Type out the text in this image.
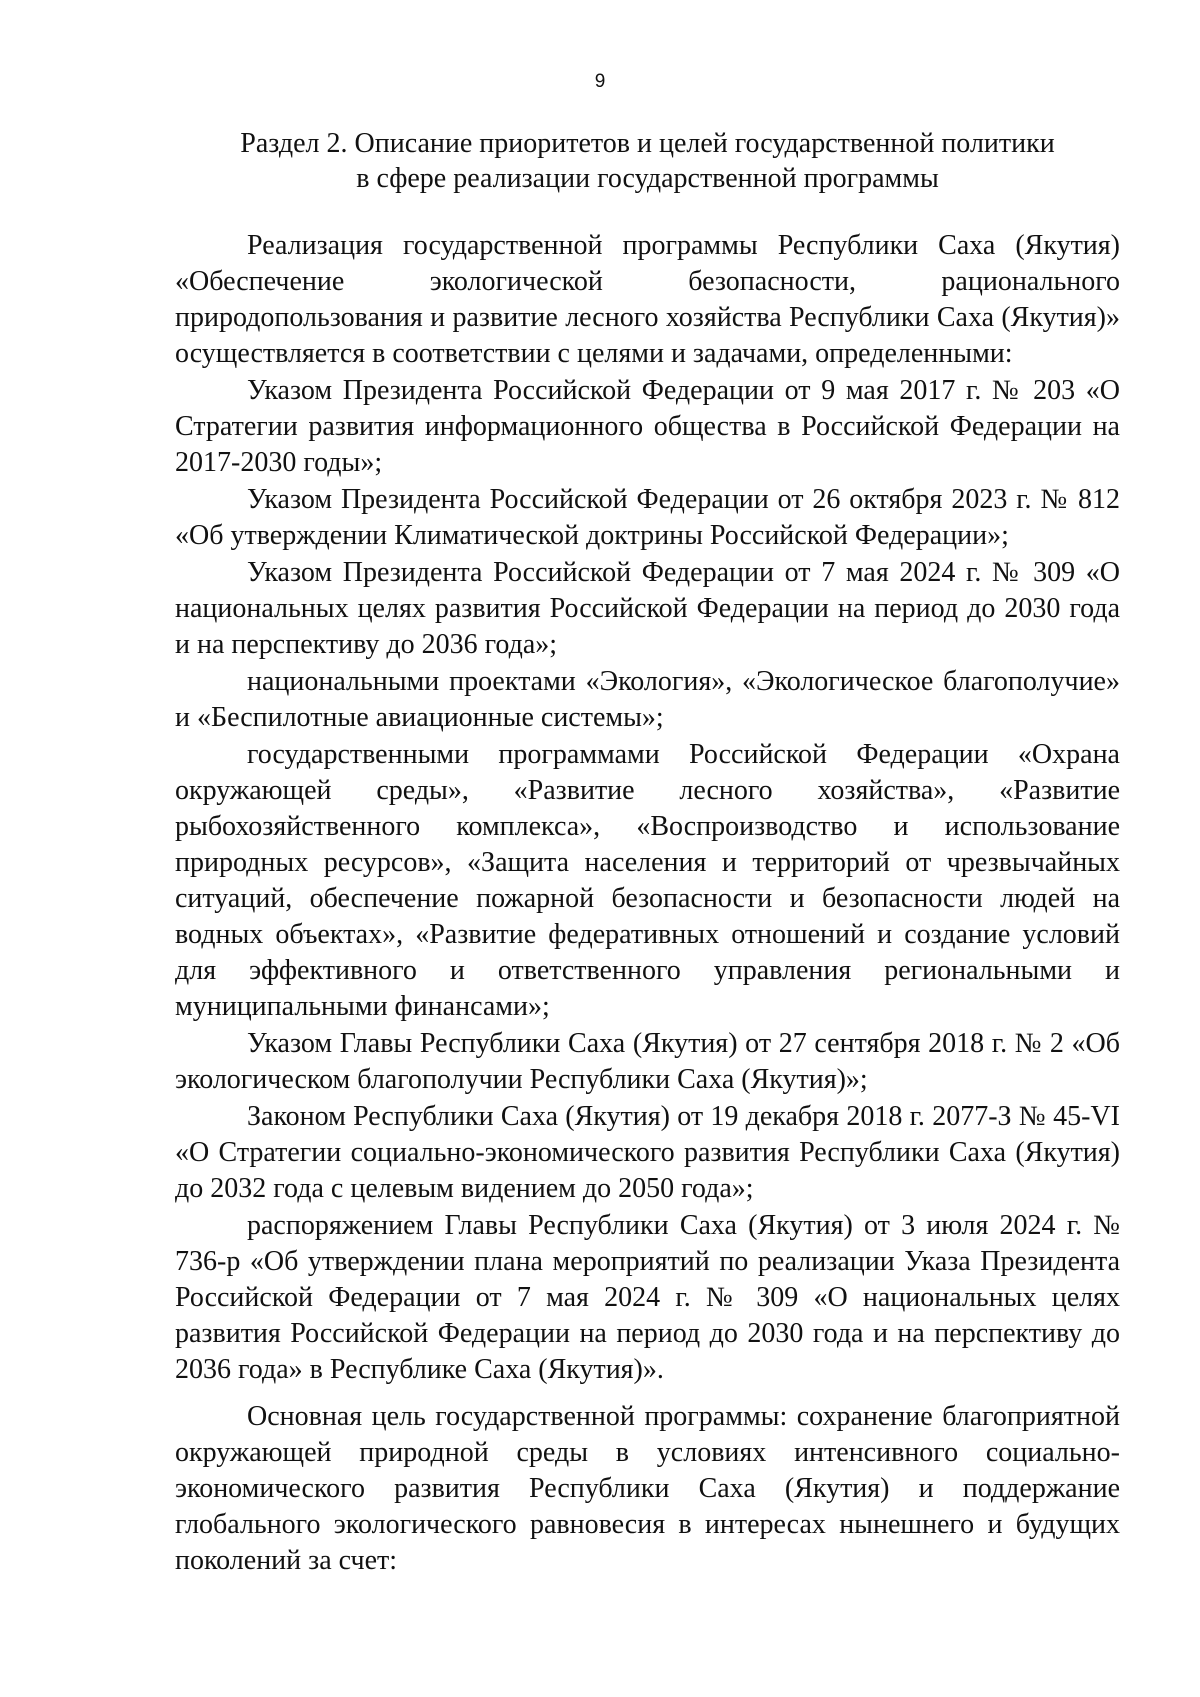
9
Раздел 2. Описание приоритетов и целей государственной политики
в сфере реализации государственной программы

Реализация государственной программы Республики Саха (Якутия) «Обеспечение экологической безопасности, рационального природопользования и развитие лесного хозяйства Республики Саха (Якутия)» осуществляется в соответствии с целями и задачами, определенными:

Указом Президента Российской Федерации от 9 мая 2017 г. № 203 «О Стратегии развития информационного общества в Российской Федерации на 2017-2030 годы»;

Указом Президента Российской Федерации от 26 октября 2023 г. № 812 «Об утверждении Климатической доктрины Российской Федерации»;

Указом Президента Российской Федерации от 7 мая 2024 г. № 309 «О национальных целях развития Российской Федерации на период до 2030 года и на перспективу до 2036 года»;

национальными проектами «Экология», «Экологическое благополучие» и «Беспилотные авиационные системы»;

государственными программами Российской Федерации «Охрана окружающей среды», «Развитие лесного хозяйства», «Развитие рыбохозяйственного комплекса», «Воспроизводство и использование природных ресурсов», «Защита населения и территорий от чрезвычайных ситуаций, обеспечение пожарной безопасности и безопасности людей на водных объектах», «Развитие федеративных отношений и создание условий для эффективного и ответственного управления региональными и муниципальными финансами»;

Указом Главы Республики Саха (Якутия) от 27 сентября 2018 г. № 2 «Об экологическом благополучии Республики Саха (Якутия)»;

Законом Республики Саха (Якутия) от 19 декабря 2018 г. 2077-З № 45-VI «О Стратегии социально-экономического развития Республики Саха (Якутия) до 2032 года с целевым видением до 2050 года»;

распоряжением Главы Республики Саха (Якутия) от 3 июля 2024 г. № 736-р «Об утверждении плана мероприятий по реализации Указа Президента Российской Федерации от 7 мая 2024 г. № 309 «О национальных целях развития Российской Федерации на период до 2030 года и на перспективу до 2036 года» в Республике Саха (Якутия)».

Основная цель государственной программы: сохранение благоприятной окружающей природной среды в условиях интенсивного социально-экономического развития Республики Саха (Якутия) и поддержание глобального экологического равновесия в интересах нынешнего и будущих поколений за счет:
